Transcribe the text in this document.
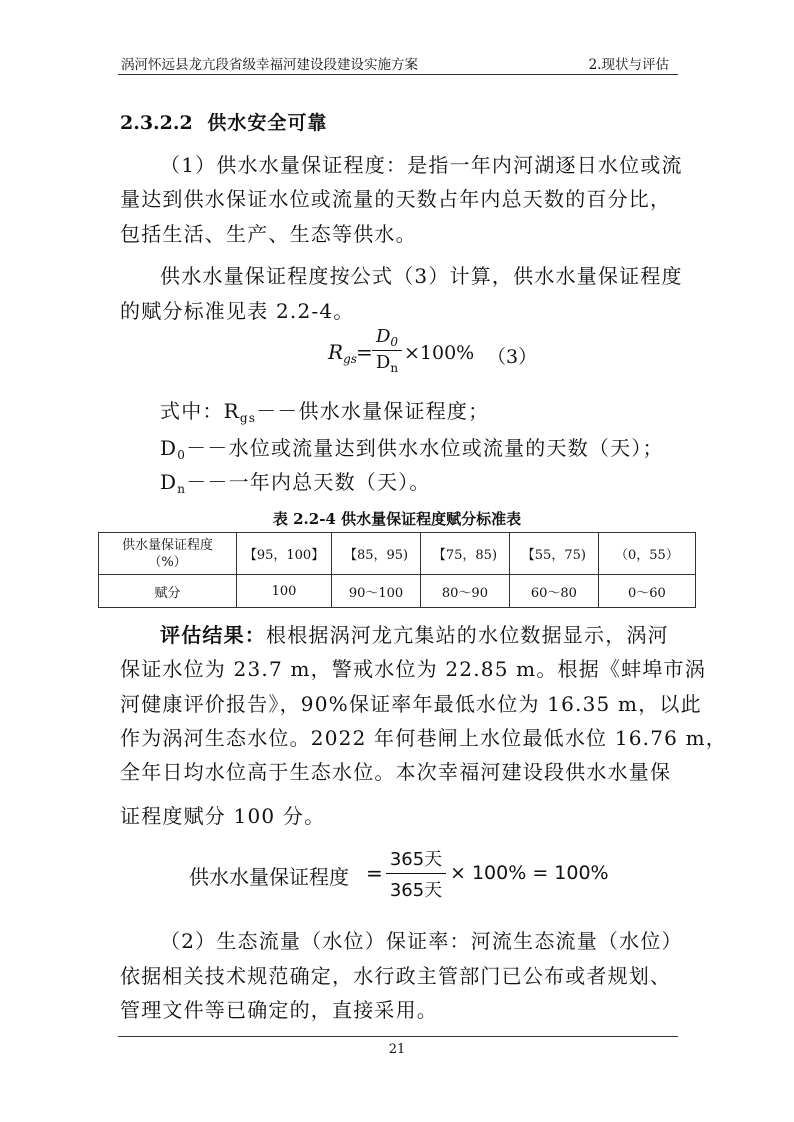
涡河怀远县龙亢段省级幸福河建设段建设实施方案	2.现状与评估
2.3.2.2 供水安全可靠
（1）供水水量保证程度：是指一年内河湖逐日水位或流
量达到供水保证水位或流量的天数占年内总天数的百分比，
包括生活、生产、生态等供水。
供水水量保证程度按公式（3）计算，供水水量保证程度
的赋分标准见表 2.2-4。
$R_{gs}$ =
$D_0$
$D_n$
×100% （3）
式中：$R_{gs}--$供水水量保证程度；
$D_0--$水位或流量达到供水水位或流量的天数（天）；
$D_n--$一年内总天数（天）。
表 2.2-4 供水量保证程度赋分标准表
供水量保证程度
（%）	【95，100】	【85，95)	【75，85)	【55，75)	（0，55）
赋分	100	90～100	80～90	60～80	0～60
评估结果：根根据涡河龙亢集站的水位数据显示，涡河
保证水位为 23.7 m，警戒水位为 22.85 m。根据《蚌埠市涡
河健康评价报告》，90%保证率年最低水位为 16.35 m，以此
作为涡河生态水位。2022 年何巷闸上水位最低水位 16.76 m，
全年日均水位高于生态水位。本次幸福河建设段供水水量保
证程度赋分 100 分。
供水水量保证程度 =
365天
365天
× 100% = 100%
（2）生态流量（水位）保证率：河流生态流量（水位）
依据相关技术规范确定，水行政主管部门已公布或者规划、
管理文件等已确定的，直接采用。
21
